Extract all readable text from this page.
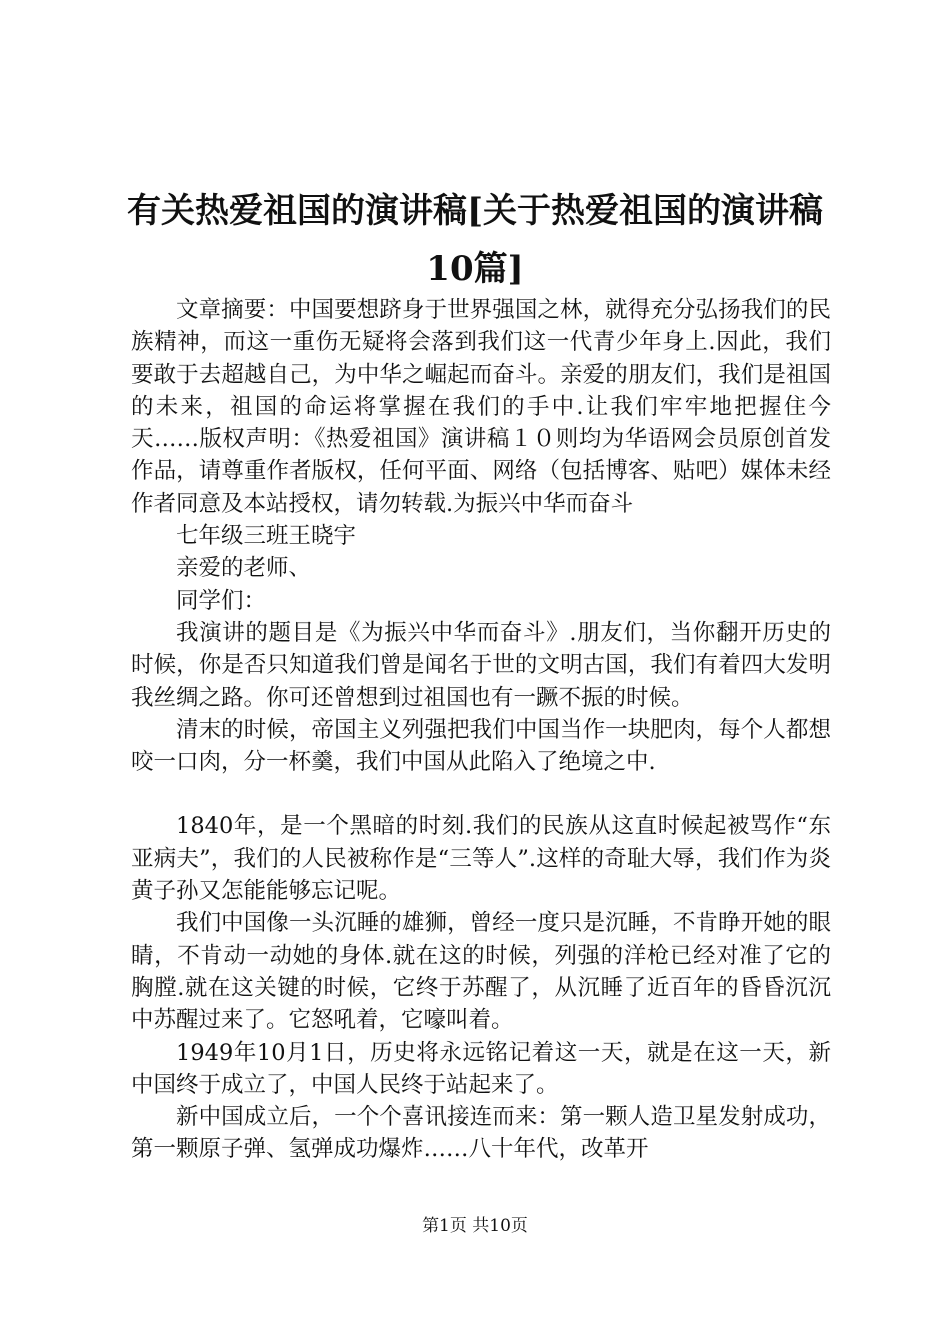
有关热爱祖国的演讲稿[关于热爱祖国的演讲稿10篇]

文章摘要：中国要想跻身于世界强国之林，就得充分弘扬我们的民族精神，而这一重伤无疑将会落到我们这一代青少年身上.因此，我们要敢于去超越自己，为中华之崛起而奋斗。亲爱的朋友们，我们是祖国的未来，祖国的命运将掌握在我们的手中.让我们牢牢地把握住今天……版权声明：《热爱祖国》演讲稿１０则均为华语网会员原创首发作品，请尊重作者版权，任何平面、网络（包括博客、贴吧）媒体未经作者同意及本站授权，请勿转载.为振兴中华而奋斗

七年级三班王晓宇

亲爱的老师、

同学们：

我演讲的题目是《为振兴中华而奋斗》.朋友们，当你翻开历史的时候，你是否只知道我们曾是闻名于世的文明古国，我们有着四大发明我丝绸之路。你可还曾想到过祖国也有一蹶不振的时候。

清末的时候，帝国主义列强把我们中国当作一块肥肉，每个人都想咬一口肉，分一杯羹，我们中国从此陷入了绝境之中.

1840年，是一个黑暗的时刻.我们的民族从这直时候起被骂作“东亚病夫”，我们的人民被称作是“三等人”.这样的奇耻大辱，我们作为炎黄子孙又怎能能够忘记呢。

我们中国像一头沉睡的雄狮，曾经一度只是沉睡，不肯睁开她的眼睛，不肯动一动她的身体.就在这的时候，列强的洋枪已经对准了它的胸膛.就在这关键的时候，它终于苏醒了，从沉睡了近百年的昏昏沉沉中苏醒过来了。它怒吼着，它嚎叫着。

1949年10月1日，历史将永远铭记着这一天，就是在这一天，新中国终于成立了，中国人民终于站起来了。

新中国成立后，一个个喜讯接连而来：第一颗人造卫星发射成功，第一颗原子弹、氢弹成功爆炸……八十年代，改革开

第1页 共10页
